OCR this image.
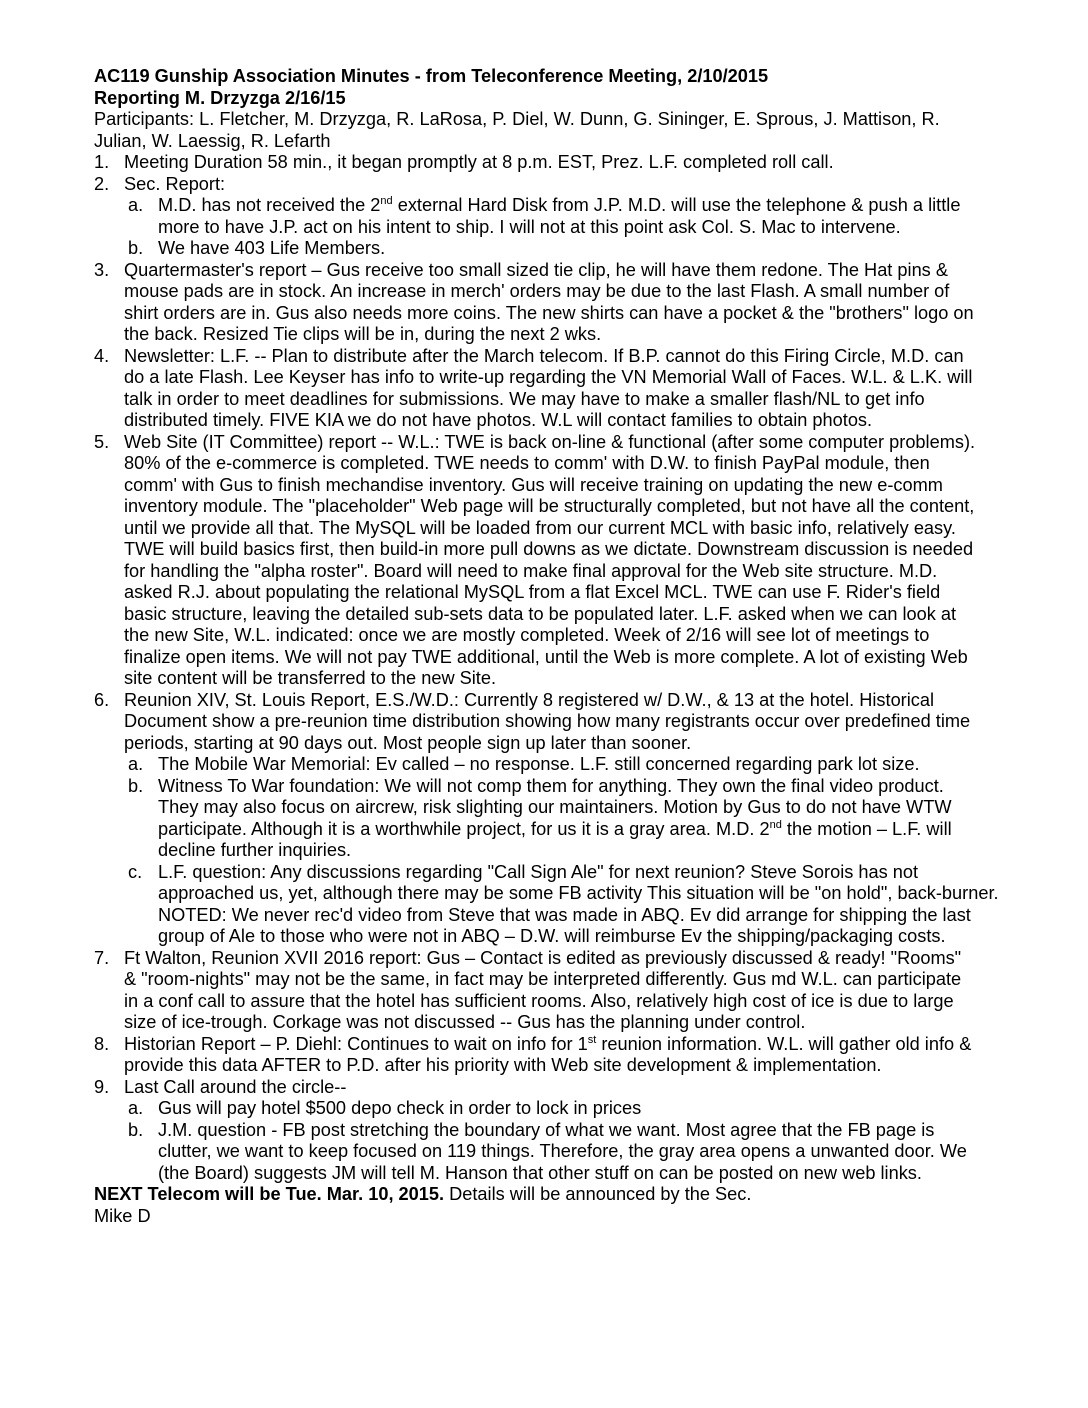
AC119 Gunship Association Minutes - from Teleconference Meeting, 2/10/2015
Reporting M. Drzyzga 2/16/15
Participants: L. Fletcher, M. Drzyzga, R. LaRosa, P. Diel, W. Dunn, G. Sininger, E. Sprous, J. Mattison, R.
Julian, W. Laessig, R. Lefarth
1. Meeting Duration 58 min., it began promptly at 8 p.m. EST, Prez. L.F. completed roll call.
2. Sec. Report:
a. M.D. has not received the 2nd external Hard Disk from J.P. M.D. will use the telephone & push a little
more to have J.P. act on his intent to ship. I will not at this point ask Col. S. Mac to intervene.
b. We have 403 Life Members.
3. Quartermaster's report – Gus receive too small sized tie clip, he will have them redone. The Hat pins &
mouse pads are in stock. An increase in merch' orders may be due to the last Flash. A small number of
shirt orders are in. Gus also needs more coins. The new shirts can have a pocket & the "brothers" logo on
the back. Resized Tie clips will be in, during the next 2 wks.
4. Newsletter: L.F. -- Plan to distribute after the March telecom. If B.P. cannot do this Firing Circle, M.D. can
do a late Flash. Lee Keyser has info to write-up regarding the VN Memorial Wall of Faces. W.L. & L.K. will
talk in order to meet deadlines for submissions. We may have to make a smaller flash/NL to get info
distributed timely. FIVE KIA we do not have photos. W.L will contact families to obtain photos.
5. Web Site (IT Committee) report -- W.L.: TWE is back on-line & functional (after some computer problems).
80% of the e-commerce is completed. TWE needs to comm' with D.W. to finish PayPal module, then
comm' with Gus to finish mechandise inventory. Gus will receive training on updating the new e-comm
inventory module. The "placeholder" Web page will be structurally completed, but not have all the content,
until we provide all that. The MySQL will be loaded from our current MCL with basic info, relatively easy.
TWE will build basics first, then build-in more pull downs as we dictate. Downstream discussion is needed
for handling the "alpha roster". Board will need to make final approval for the Web site structure. M.D.
asked R.J. about populating the relational MySQL from a flat Excel MCL. TWE can use F. Rider's field
basic structure, leaving the detailed sub-sets data to be populated later. L.F. asked when we can look at
the new Site, W.L. indicated: once we are mostly completed. Week of 2/16 will see lot of meetings to
finalize open items. We will not pay TWE additional, until the Web is more complete. A lot of existing Web
site content will be transferred to the new Site.
6. Reunion XIV, St. Louis Report, E.S./W.D.: Currently 8 registered w/ D.W., & 13 at the hotel. Historical
Document show a pre-reunion time distribution showing how many registrants occur over predefined time
periods, starting at 90 days out. Most people sign up later than sooner.
a. The Mobile War Memorial: Ev called – no response. L.F. still concerned regarding park lot size.
b. Witness To War foundation: We will not comp them for anything. They own the final video product.
They may also focus on aircrew, risk slighting our maintainers. Motion by Gus to do not have WTW
participate. Although it is a worthwhile project, for us it is a gray area. M.D. 2nd the motion – L.F. will
decline further inquiries.
c. L.F. question: Any discussions regarding "Call Sign Ale" for next reunion? Steve Sorois has not
approached us, yet, although there may be some FB activity This situation will be "on hold", back-burner.
NOTED: We never rec'd video from Steve that was made in ABQ. Ev did arrange for shipping the last
group of Ale to those who were not in ABQ – D.W. will reimburse Ev the shipping/packaging costs.
7. Ft Walton, Reunion XVII 2016 report: Gus – Contact is edited as previously discussed & ready! "Rooms"
& "room-nights" may not be the same, in fact may be interpreted differently. Gus md W.L. can participate
in a conf call to assure that the hotel has sufficient rooms. Also, relatively high cost of ice is due to large
size of ice-trough. Corkage was not discussed -- Gus has the planning under control.
8. Historian Report – P. Diehl: Continues to wait on info for 1st reunion information. W.L. will gather old info &
provide this data AFTER to P.D. after his priority with Web site development & implementation.
9. Last Call around the circle--
a. Gus will pay hotel $500 depo check in order to lock in prices
b. J.M. question - FB post stretching the boundary of what we want. Most agree that the FB page is
clutter, we want to keep focused on 119 things. Therefore, the gray area opens a unwanted door. We
(the Board) suggests JM will tell M. Hanson that other stuff on can be posted on new web links.
NEXT Telecom will be Tue. Mar. 10, 2015. Details will be announced by the Sec.
Mike D
